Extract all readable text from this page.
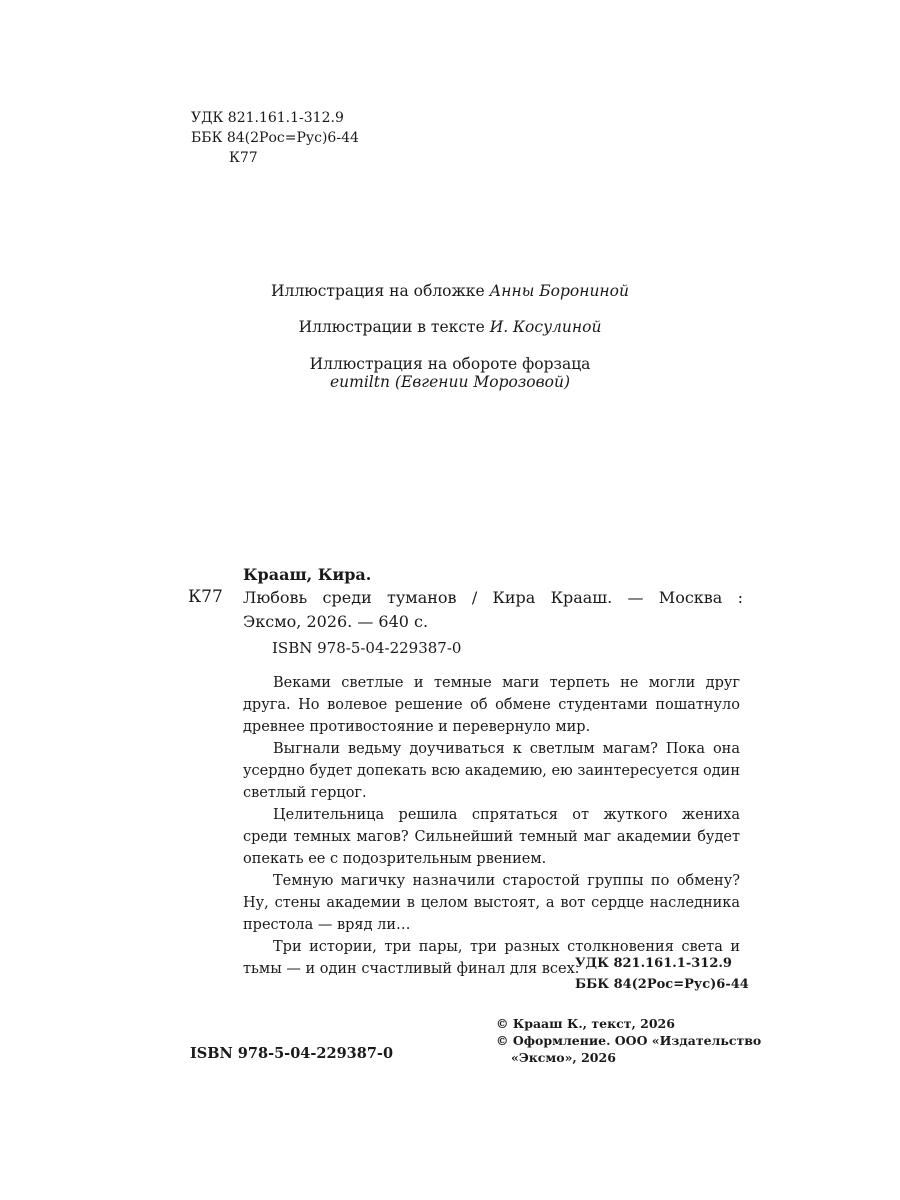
УДК 821.161.1-312.9
ББК 84(2Рос=Рус)6-44
К77
Иллюстрация на обложке Анны Борониной
Иллюстрации в тексте И. Косулиной
Иллюстрация на обороте форзаца
eumiltn (Евгении Морозовой)
Крааш, Кира.
К77 Любовь среди туманов / Кира Крааш. — Москва :
Эксмо, 2026. — 640 с.
ISBN 978-5-04-229387-0

Веками светлые и темные маги терпеть не могли друг друга. Но волевое решение об обмене студентами пошатнуло древнее противостояние и перевернуло мир.

Выгнали ведьму доучиваться к светлым магам? Пока она усердно будет допекать всю академию, ею заинтересуется один светлый герцог.

Целительница решила спрятаться от жуткого жениха среди темных магов? Сильнейший темный маг академии будет опекать ее с подозрительным рвением.

Темную магичку назначили старостой группы по обмену? Ну, стены академии в целом выстоят, а вот сердце наследника престола — вряд ли…

Три истории, три пары, три разных столкновения света и тьмы — и один счастливый финал для всех.

УДК 821.161.1-312.9
ББК 84(2Рос=Рус)6-44
© Крааш К., текст, 2026
© Оформление. ООО «Издательство
«Эксмо», 2026
ISBN 978-5-04-229387-0
